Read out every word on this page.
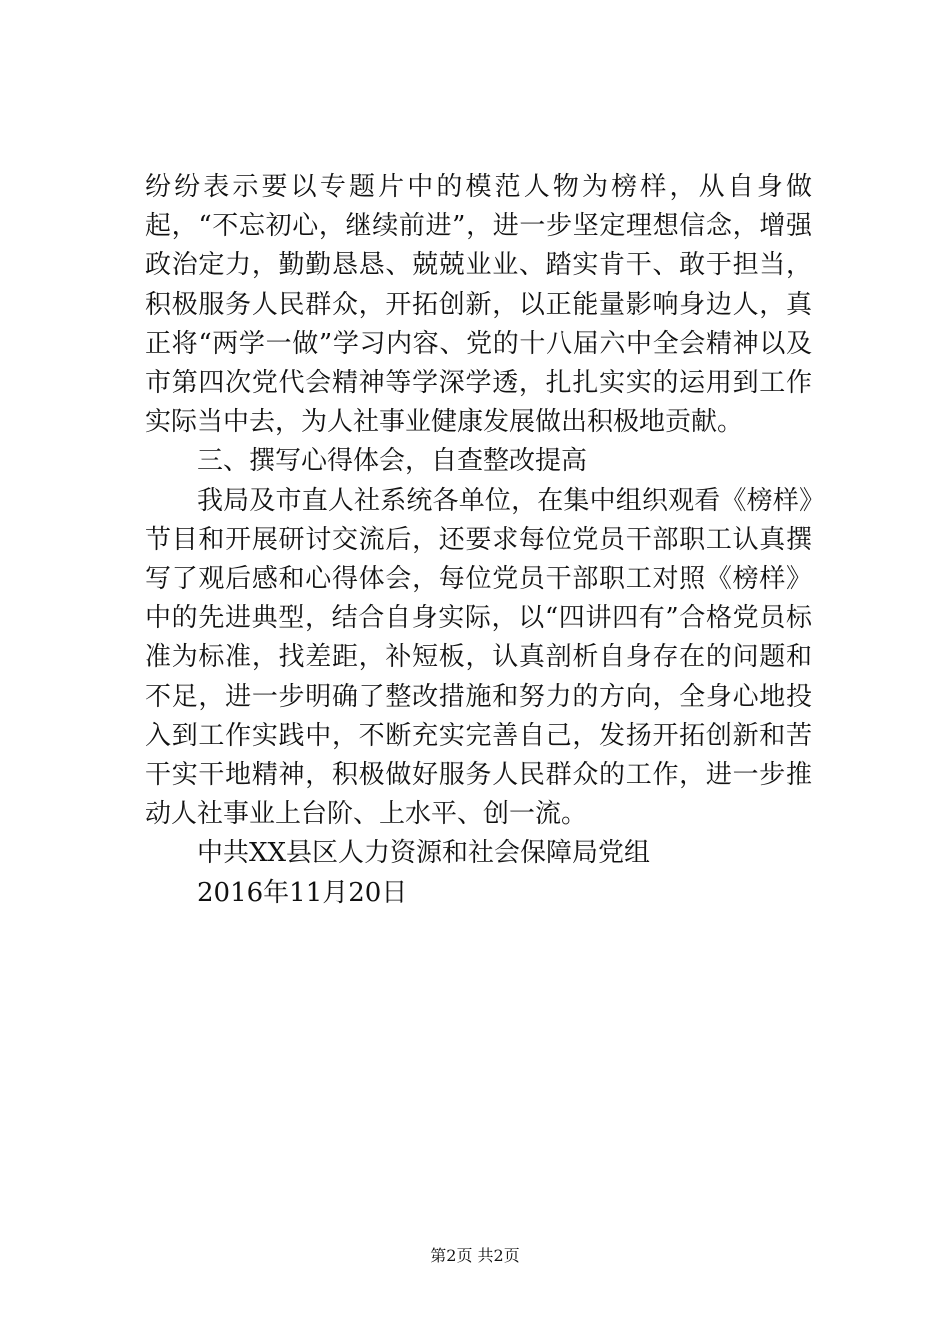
纷纷表示要以专题片中的模范人物为榜样，从自身做起，“不忘初心，继续前进”，进一步坚定理想信念，增强政治定力，勤勤恳恳、兢兢业业、踏实肯干、敢于担当，积极服务人民群众，开拓创新，以正能量影响身边人，真正将“两学一做”学习内容、党的十八届六中全会精神以及市第四次党代会精神等学深学透，扎扎实实的运用到工作实际当中去，为人社事业健康发展做出积极地贡献。

三、撰写心得体会，自查整改提高

我局及市直人社系统各单位，在集中组织观看《榜样》节目和开展研讨交流后，还要求每位党员干部职工认真撰写了观后感和心得体会，每位党员干部职工对照《榜样》中的先进典型，结合自身实际，以“四讲四有”合格党员标准为标准，找差距，补短板，认真剖析自身存在的问题和不足，进一步明确了整改措施和努力的方向，全身心地投入到工作实践中，不断充实完善自己，发扬开拓创新和苦干实干地精神，积极做好服务人民群众的工作，进一步推动人社事业上台阶、上水平、创一流。

中共XX县区人力资源和社会保障局党组

2016年11月20日

第2页 共2页
